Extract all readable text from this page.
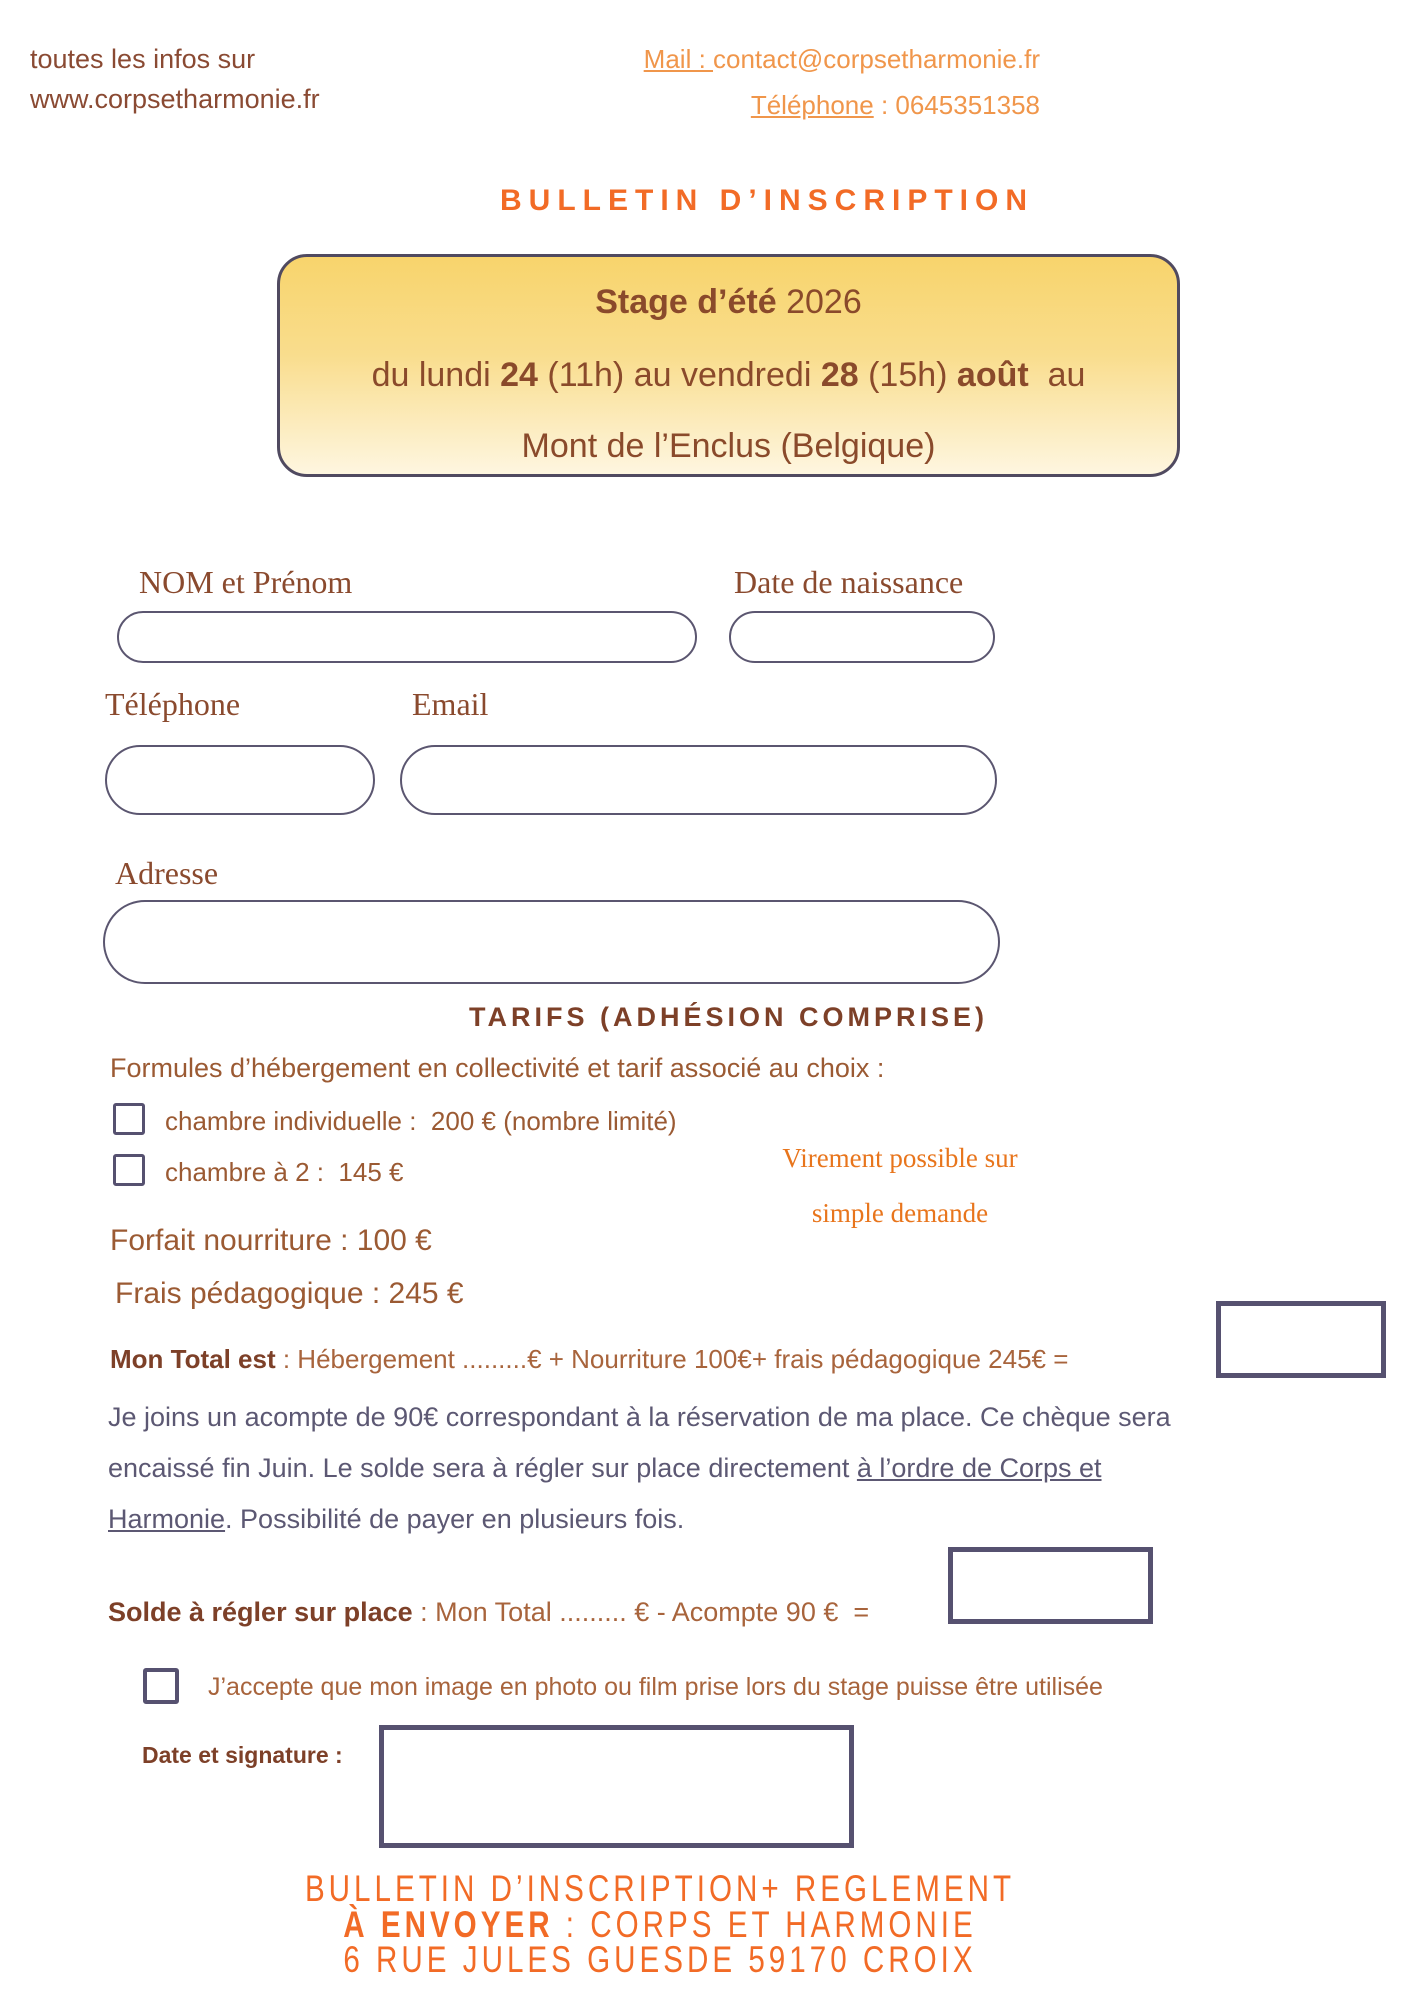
toutes les infos sur
www.corpsetharmonie.fr
Mail : contact@corpsetharmonie.fr
Téléphone : 0645351358
BULLETIN D’INSCRIPTION
Stage d’été 2026
du lundi 24 (11h) au vendredi 28 (15h) août  au
Mont de l’Enclus (Belgique)
NOM et Prénom	Date de naissance
Téléphone	Email
Adresse
TARIFS (ADHÉSION COMPRISE)
Formules d’hébergement en collectivité et tarif associé au choix :
chambre individuelle :  200 € (nombre limité)
chambre à 2 :  145 €	Virement possible sur
simple demande
Forfait nourriture : 100 €
Frais pédagogique : 245 €
Mon Total est : Hébergement .........€ + Nourriture 100€+ frais pédagogique 245€ =
Je joins un acompte de 90€ correspondant à la réservation de ma place. Ce chèque sera
encaissé fin Juin. Le solde sera à régler sur place directement à l’ordre de Corps et
Harmonie. Possibilité de payer en plusieurs fois.
Solde à régler sur place : Mon Total ......... € - Acompte 90 €  =
J’accepte que mon image en photo ou film prise lors du stage puisse être utilisée
Date et signature :
BULLETIN D’INSCRIPTION+ REGLEMENT
À ENVOYER : CORPS ET HARMONIE
6 RUE JULES GUESDE 59170 CROIX
